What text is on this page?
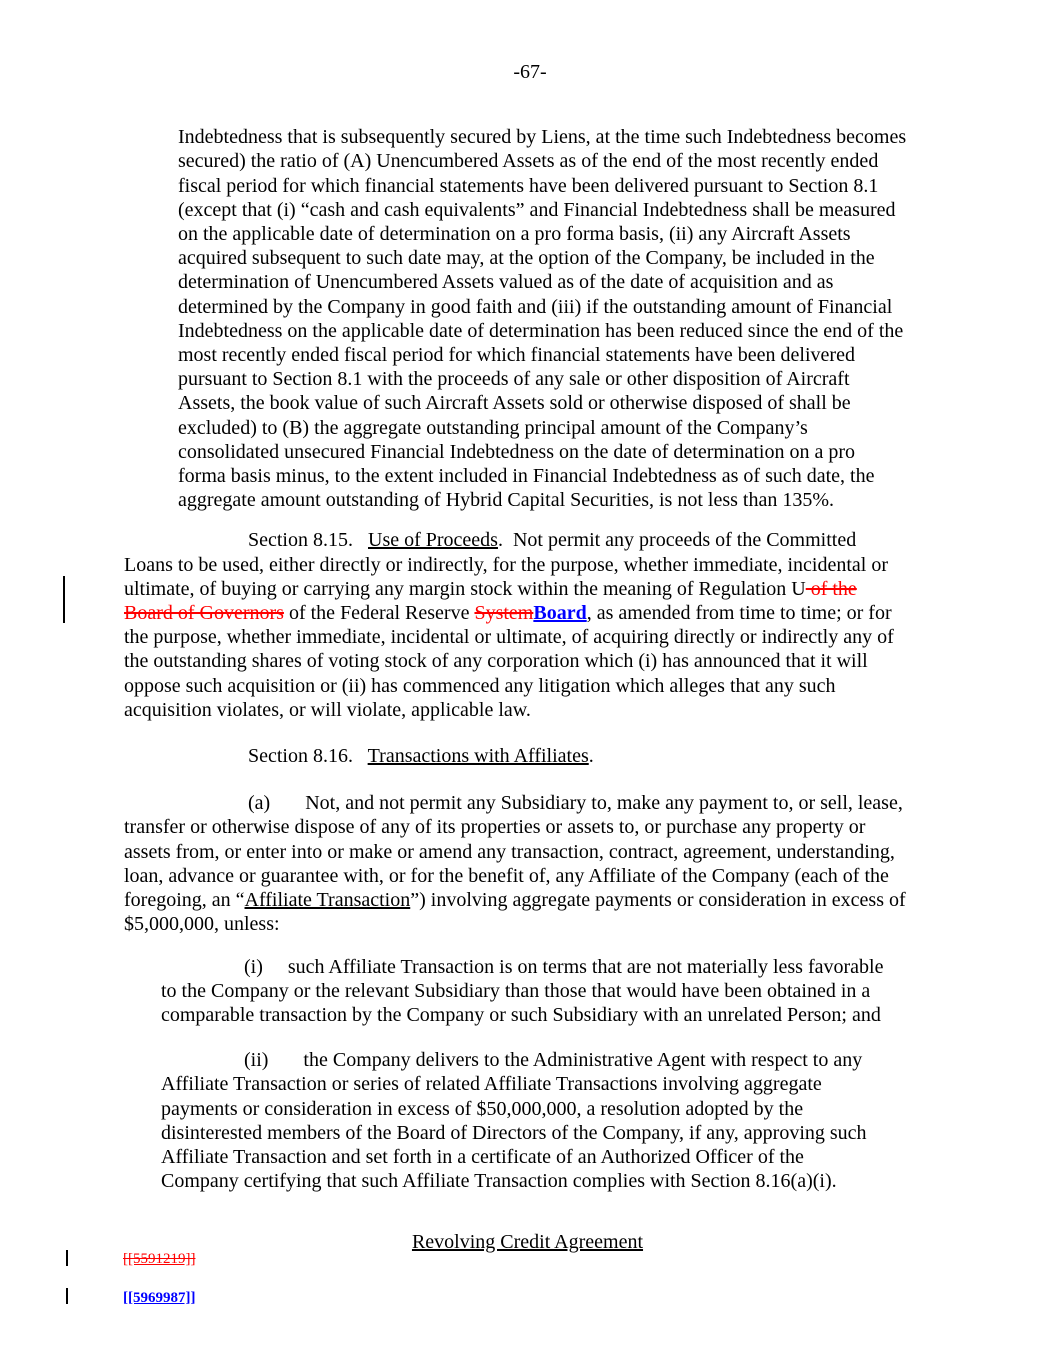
-67-
Indebtedness that is subsequently secured by Liens, at the time such Indebtedness becomes
secured) the ratio of (A) Unencumbered Assets as of the end of the most recently ended
fiscal period for which financial statements have been delivered pursuant to Section 8.1
(except that (i) “cash and cash equivalents” and Financial Indebtedness shall be measured
on the applicable date of determination on a pro forma basis, (ii) any Aircraft Assets
acquired subsequent to such date may, at the option of the Company, be included in the
determination of Unencumbered Assets valued as of the date of acquisition and as
determined by the Company in good faith and (iii) if the outstanding amount of Financial
Indebtedness on the applicable date of determination has been reduced since the end of the
most recently ended fiscal period for which financial statements have been delivered
pursuant to Section 8.1 with the proceeds of any sale or other disposition of Aircraft
Assets, the book value of such Aircraft Assets sold or otherwise disposed of shall be
excluded) to (B) the aggregate outstanding principal amount of the Company’s
consolidated unsecured Financial Indebtedness on the date of determination on a pro
forma basis minus, to the extent included in Financial Indebtedness as of such date, the
aggregate amount outstanding of Hybrid Capital Securities, is not less than 135%.
Section 8.15.   Use of Proceeds.  Not permit any proceeds of the Committed
Loans to be used, either directly or indirectly, for the purpose, whether immediate, incidental or
ultimate, of buying or carrying any margin stock within the meaning of Regulation U of the
Board of Governors of the Federal Reserve SystemBoard, as amended from time to time; or for
the purpose, whether immediate, incidental or ultimate, of acquiring directly or indirectly any of
the outstanding shares of voting stock of any corporation which (i) has announced that it will
oppose such acquisition or (ii) has commenced any litigation which alleges that any such
acquisition violates, or will violate, applicable law.
Section 8.16.   Transactions with Affiliates.
(a)       Not, and not permit any Subsidiary to, make any payment to, or sell, lease,
transfer or otherwise dispose of any of its properties or assets to, or purchase any property or
assets from, or enter into or make or amend any transaction, contract, agreement, understanding,
loan, advance or guarantee with, or for the benefit of, any Affiliate of the Company (each of the
foregoing, an “Affiliate Transaction”) involving aggregate payments or consideration in excess of
$5,000,000, unless:
(i)     such Affiliate Transaction is on terms that are not materially less favorable
to the Company or the relevant Subsidiary than those that would have been obtained in a
comparable transaction by the Company or such Subsidiary with an unrelated Person; and
(ii)       the Company delivers to the Administrative Agent with respect to any
Affiliate Transaction or series of related Affiliate Transactions involving aggregate
payments or consideration in excess of $50,000,000, a resolution adopted by the
disinterested members of the Board of Directors of the Company, if any, approving such
Affiliate Transaction and set forth in a certificate of an Authorized Officer of the
Company certifying that such Affiliate Transaction complies with Section 8.16(a)(i).
Revolving Credit Agreement
[[5591219]]
[[5969987]]
